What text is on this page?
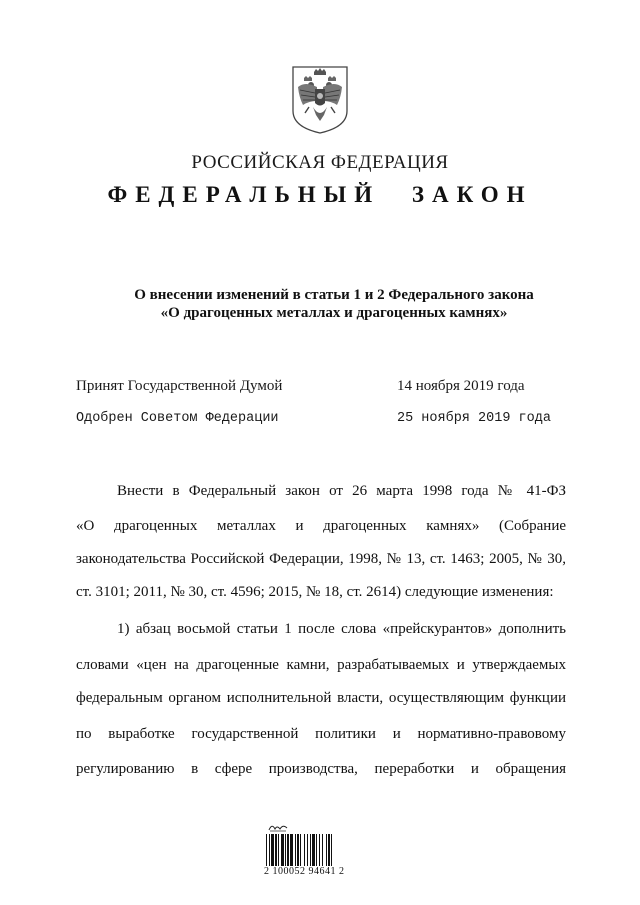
РОССИЙСКАЯ ФЕДЕРАЦИЯ
ФЕДЕРАЛЬНЫЙ ЗАКОН
О внесении изменений в статьи 1 и 2 Федерального закона
«О драгоценных металлах и драгоценных камнях»
Принят Государственной Думой	14 ноября 2019 года
Одобрен Советом Федерации	25 ноября 2019 года
Внести в Федеральный закон от 26 марта 1998 года № 41-ФЗ
«О драгоценных металлах и драгоценных камнях» (Собрание
законодательства Российской Федерации, 1998, № 13, ст. 1463; 2005, № 30,
ст. 3101; 2011, № 30, ст. 4596; 2015, № 18, ст. 2614) следующие изменения:
1) абзац восьмой статьи 1 после слова «прейскурантов» дополнить
словами «цен на драгоценные камни, разрабатываемых и утверждаемых
федеральным органом исполнительной власти, осуществляющим функции
по выработке государственной политики и нормативно-правовому
регулированию в сфере производства, переработки и обращения
2 100052 94641 2
